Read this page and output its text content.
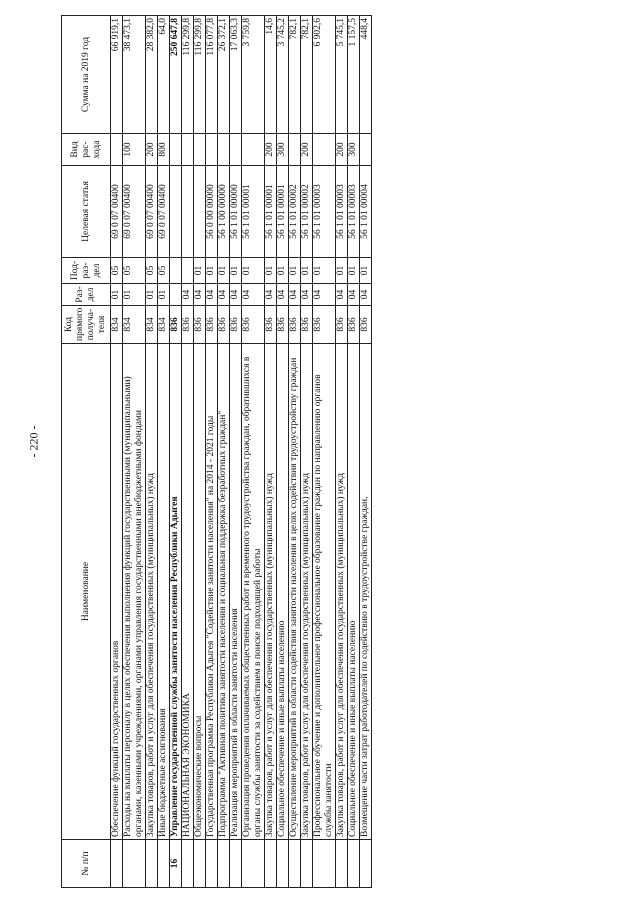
- 220 -
№ п/п	Наименование	Код прямого получа-теля	Раз-дел	Под-раз-дел	Целевая статья	Вид рас-хода	Сумма на 2019 год
	Обеспечение функций государственных органов	834	01	05	69 0 07 00400		66 919,1
	Расходы на выплаты персоналу в целях обеспечения выполнения функций государственными (муниципальными) органами, казенными учреждениями, органами управления государственными внебюджетными фондами	834	01	05	69 0 07 00400	100	38 473,1
	Закупка товаров, работ и услуг для обеспечения государственных (муниципальных) нужд	834	01	05	69 0 07 00400	200	28 382,0
	Иные бюджетные ассигнования	834	01	05	69 0 07 00400	800	64,0
16	Управление государственной службы занятости населения Республики Адыгея	836					250 647,8
	НАЦИОНАЛЬНАЯ ЭКОНОМИКА	836	04				116 299,8
	Общеэкономические вопросы	836	04	01			116 299,8
	Государственная программа Республики Адыгея "Содействие занятости населения" на 2014 - 2021 годы	836	04	01	56 0 00 00000		116 077,8
	Подпрограмма "Активная политика занятости населения и социальная поддержка безработных граждан"	836	04	01	56 1 00 00000		26 372,1
	Реализация мероприятий в области занятости населения	836	04	01	56 1 01 00000		17 063,3
	Организация проведения оплачиваемых общественных работ и временного трудоустройства граждан, обратившихся в органы службы занятости за содействием в поиске подходящей работы	836	04	01	56 1 01 00001		3 759,8
	Закупка товаров, работ и услуг для обеспечения государственных (муниципальных) нужд	836	04	01	56 1 01 00001	200	14,6
	Социальное обеспечение и иные выплаты населению	836	04	01	56 1 01 00001	300	3 745,2
	Осуществление мероприятий в области содействия занятости населения в целях содействия трудоустройству граждан	836	04	01	56 1 01 00002		782,1
	Закупка товаров, работ и услуг для обеспечения государственных (муниципальных) нужд	836	04	01	56 1 01 00002	200	782,1
	Профессиональное обучение и дополнительное профессиональное образование граждан по направлению органов службы занятости	836	04	01	56 1 01 00003		6 902,6
	Закупка товаров, работ и услуг для обеспечения государственных (муниципальных) нужд	836	04	01	56 1 01 00003	200	5 745,1
	Социальное обеспечение и иные выплаты населению	836	04	01	56 1 01 00003	300	1 157,5
	Возмещение части затрат работодателей по содействию в трудоустройстве граждан,	836	04	01	56 1 01 00004		448,4
